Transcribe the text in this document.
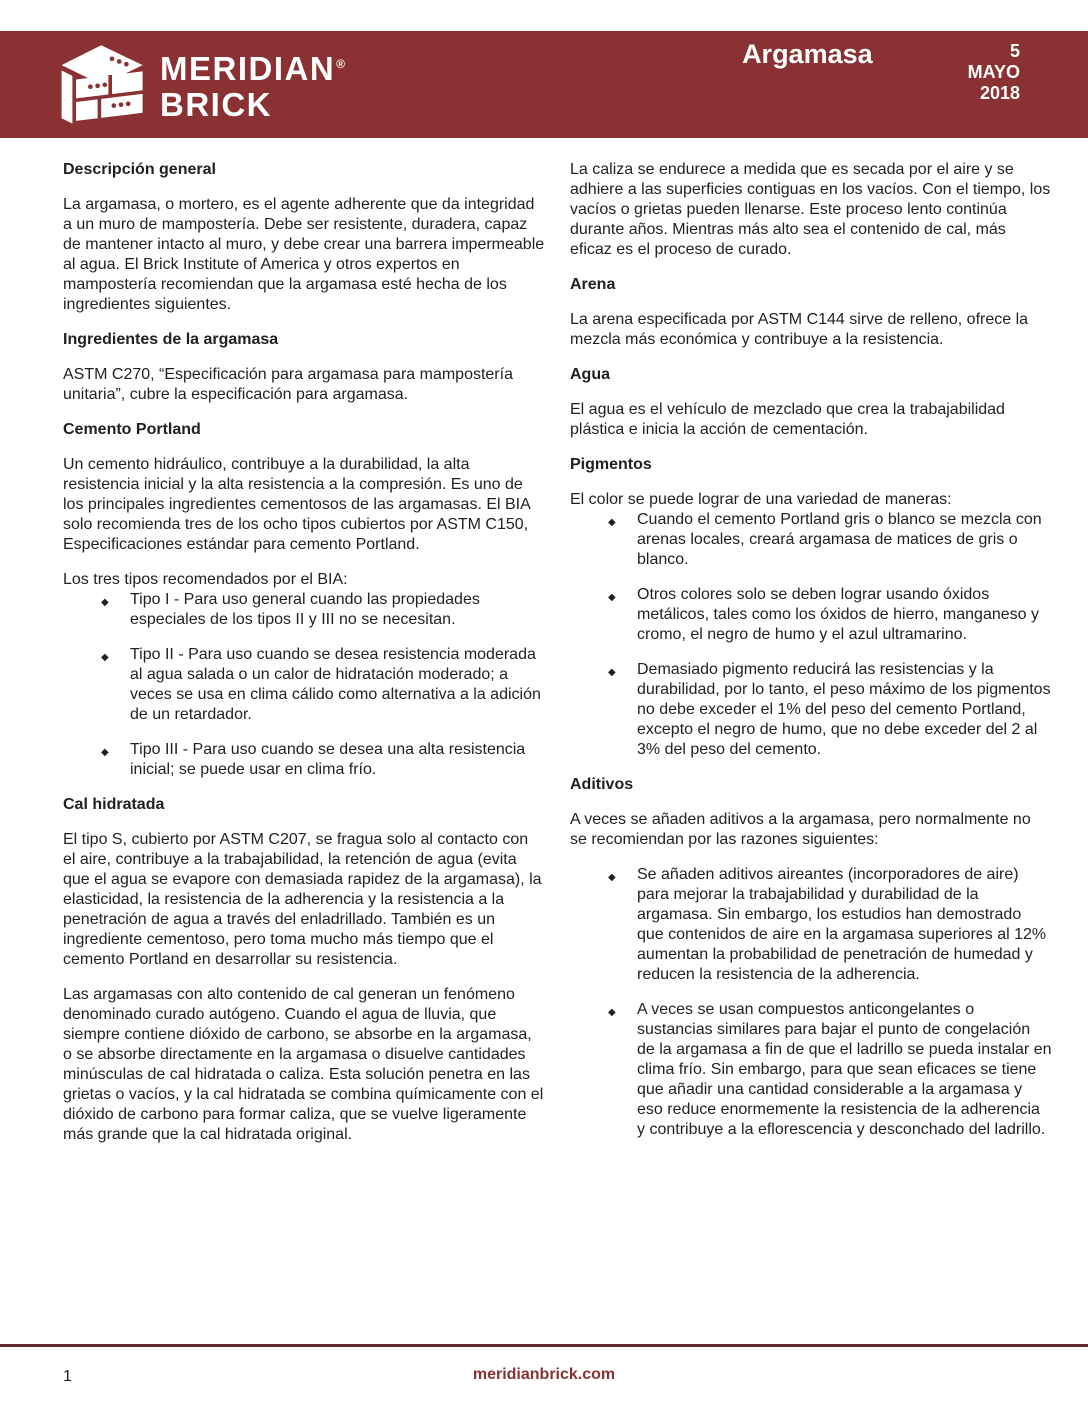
MERIDIAN®
BRICK
Argamasa	5
MAYO
2018
Descripción general

La argamasa, o mortero, es el agente adherente que da integridad a un muro de mampostería. Debe ser resistente, duradera, capaz de mantener intacto al muro, y debe crear una barrera impermeable al agua. El Brick Institute of America y otros expertos en mampostería recomiendan que la argamasa esté hecha de los ingredientes siguientes.

Ingredientes de la argamasa

ASTM C270, “Especificación para argamasa para mampostería unitaria”, cubre la especificación para argamasa.

Cemento Portland

Un cemento hidráulico, contribuye a la durabilidad, la alta resistencia inicial y la alta resistencia a la compresión. Es uno de los principales ingredientes cementosos de las argamasas. El BIA solo recomienda tres de los ocho tipos cubiertos por ASTM C150, Especificaciones estándar para cemento Portland.

Los tres tipos recomendados por el BIA:

◆ Tipo I - Para uso general cuando las propiedades especiales de los tipos II y III no se necesitan.
◆ Tipo II - Para uso cuando se desea resistencia moderada al agua salada o un calor de hidratación moderado; a veces se usa en clima cálido como alternativa a la adición de un retardador.
◆ Tipo III - Para uso cuando se desea una alta resistencia inicial; se puede usar en clima frío.
Cal hidratada

El tipo S, cubierto por ASTM C207, se fragua solo al contacto con el aire, contribuye a la trabajabilidad, la retención de agua (evita que el agua se evapore con demasiada rapidez de la argamasa), la elasticidad, la resistencia de la adherencia y la resistencia a la penetración de agua a través del enladrillado. También es un ingrediente cementoso, pero toma mucho más tiempo que el cemento Portland en desarrollar su resistencia.

Las argamasas con alto contenido de cal generan un fenómeno denominado curado autógeno. Cuando el agua de lluvia, que siempre contiene dióxido de carbono, se absorbe en la argamasa, o se absorbe directamente en la argamasa o disuelve cantidades minúsculas de cal hidratada o caliza. Esta solución penetra en las grietas o vacíos, y la cal hidratada se combina químicamente con el dióxido de carbono para formar caliza, que se vuelve ligeramente más grande que la cal hidratada original.

La caliza se endurece a medida que es secada por el aire y se adhiere a las superficies contiguas en los vacíos. Con el tiempo, los vacíos o grietas pueden llenarse. Este proceso lento continúa durante años. Mientras más alto sea el contenido de cal, más eficaz es el proceso de curado.

Arena

La arena especificada por ASTM C144 sirve de relleno, ofrece la mezcla más económica y contribuye a la resistencia.

Agua

El agua es el vehículo de mezclado que crea la trabajabilidad plástica e inicia la acción de cementación.

Pigmentos

El color se puede lograr de una variedad de maneras:

◆ Cuando el cemento Portland gris o blanco se mezcla con arenas locales, creará argamasa de matices de gris o blanco.
◆ Otros colores solo se deben lograr usando óxidos metálicos, tales como los óxidos de hierro, manganeso y cromo, el negro de humo y el azul ultramarino.
◆ Demasiado pigmento reducirá las resistencias y la durabilidad, por lo tanto, el peso máximo de los pigmentos no debe exceder el 1% del peso del cemento Portland, excepto el negro de humo, que no debe exceder del 2 al 3% del peso del cemento.
Aditivos

A veces se añaden aditivos a la argamasa, pero normalmente no se recomiendan por las razones siguientes:

◆ Se añaden aditivos aireantes (incorporadores de aire) para mejorar la trabajabilidad y durabilidad de la argamasa. Sin embargo, los estudios han demostrado que contenidos de aire en la argamasa superiores al 12% aumentan la probabilidad de penetración de humedad y reducen la resistencia de la adherencia.
◆ A veces se usan compuestos anticongelantes o sustancias similares para bajar el punto de congelación de la argamasa a fin de que el ladrillo se pueda instalar en clima frío. Sin embargo, para que sean eficaces se tiene que añadir una cantidad considerable a la argamasa y eso reduce enormemente la resistencia de la adherencia y contribuye a la eflorescencia y desconchado del ladrillo.
1	meridianbrick.com
